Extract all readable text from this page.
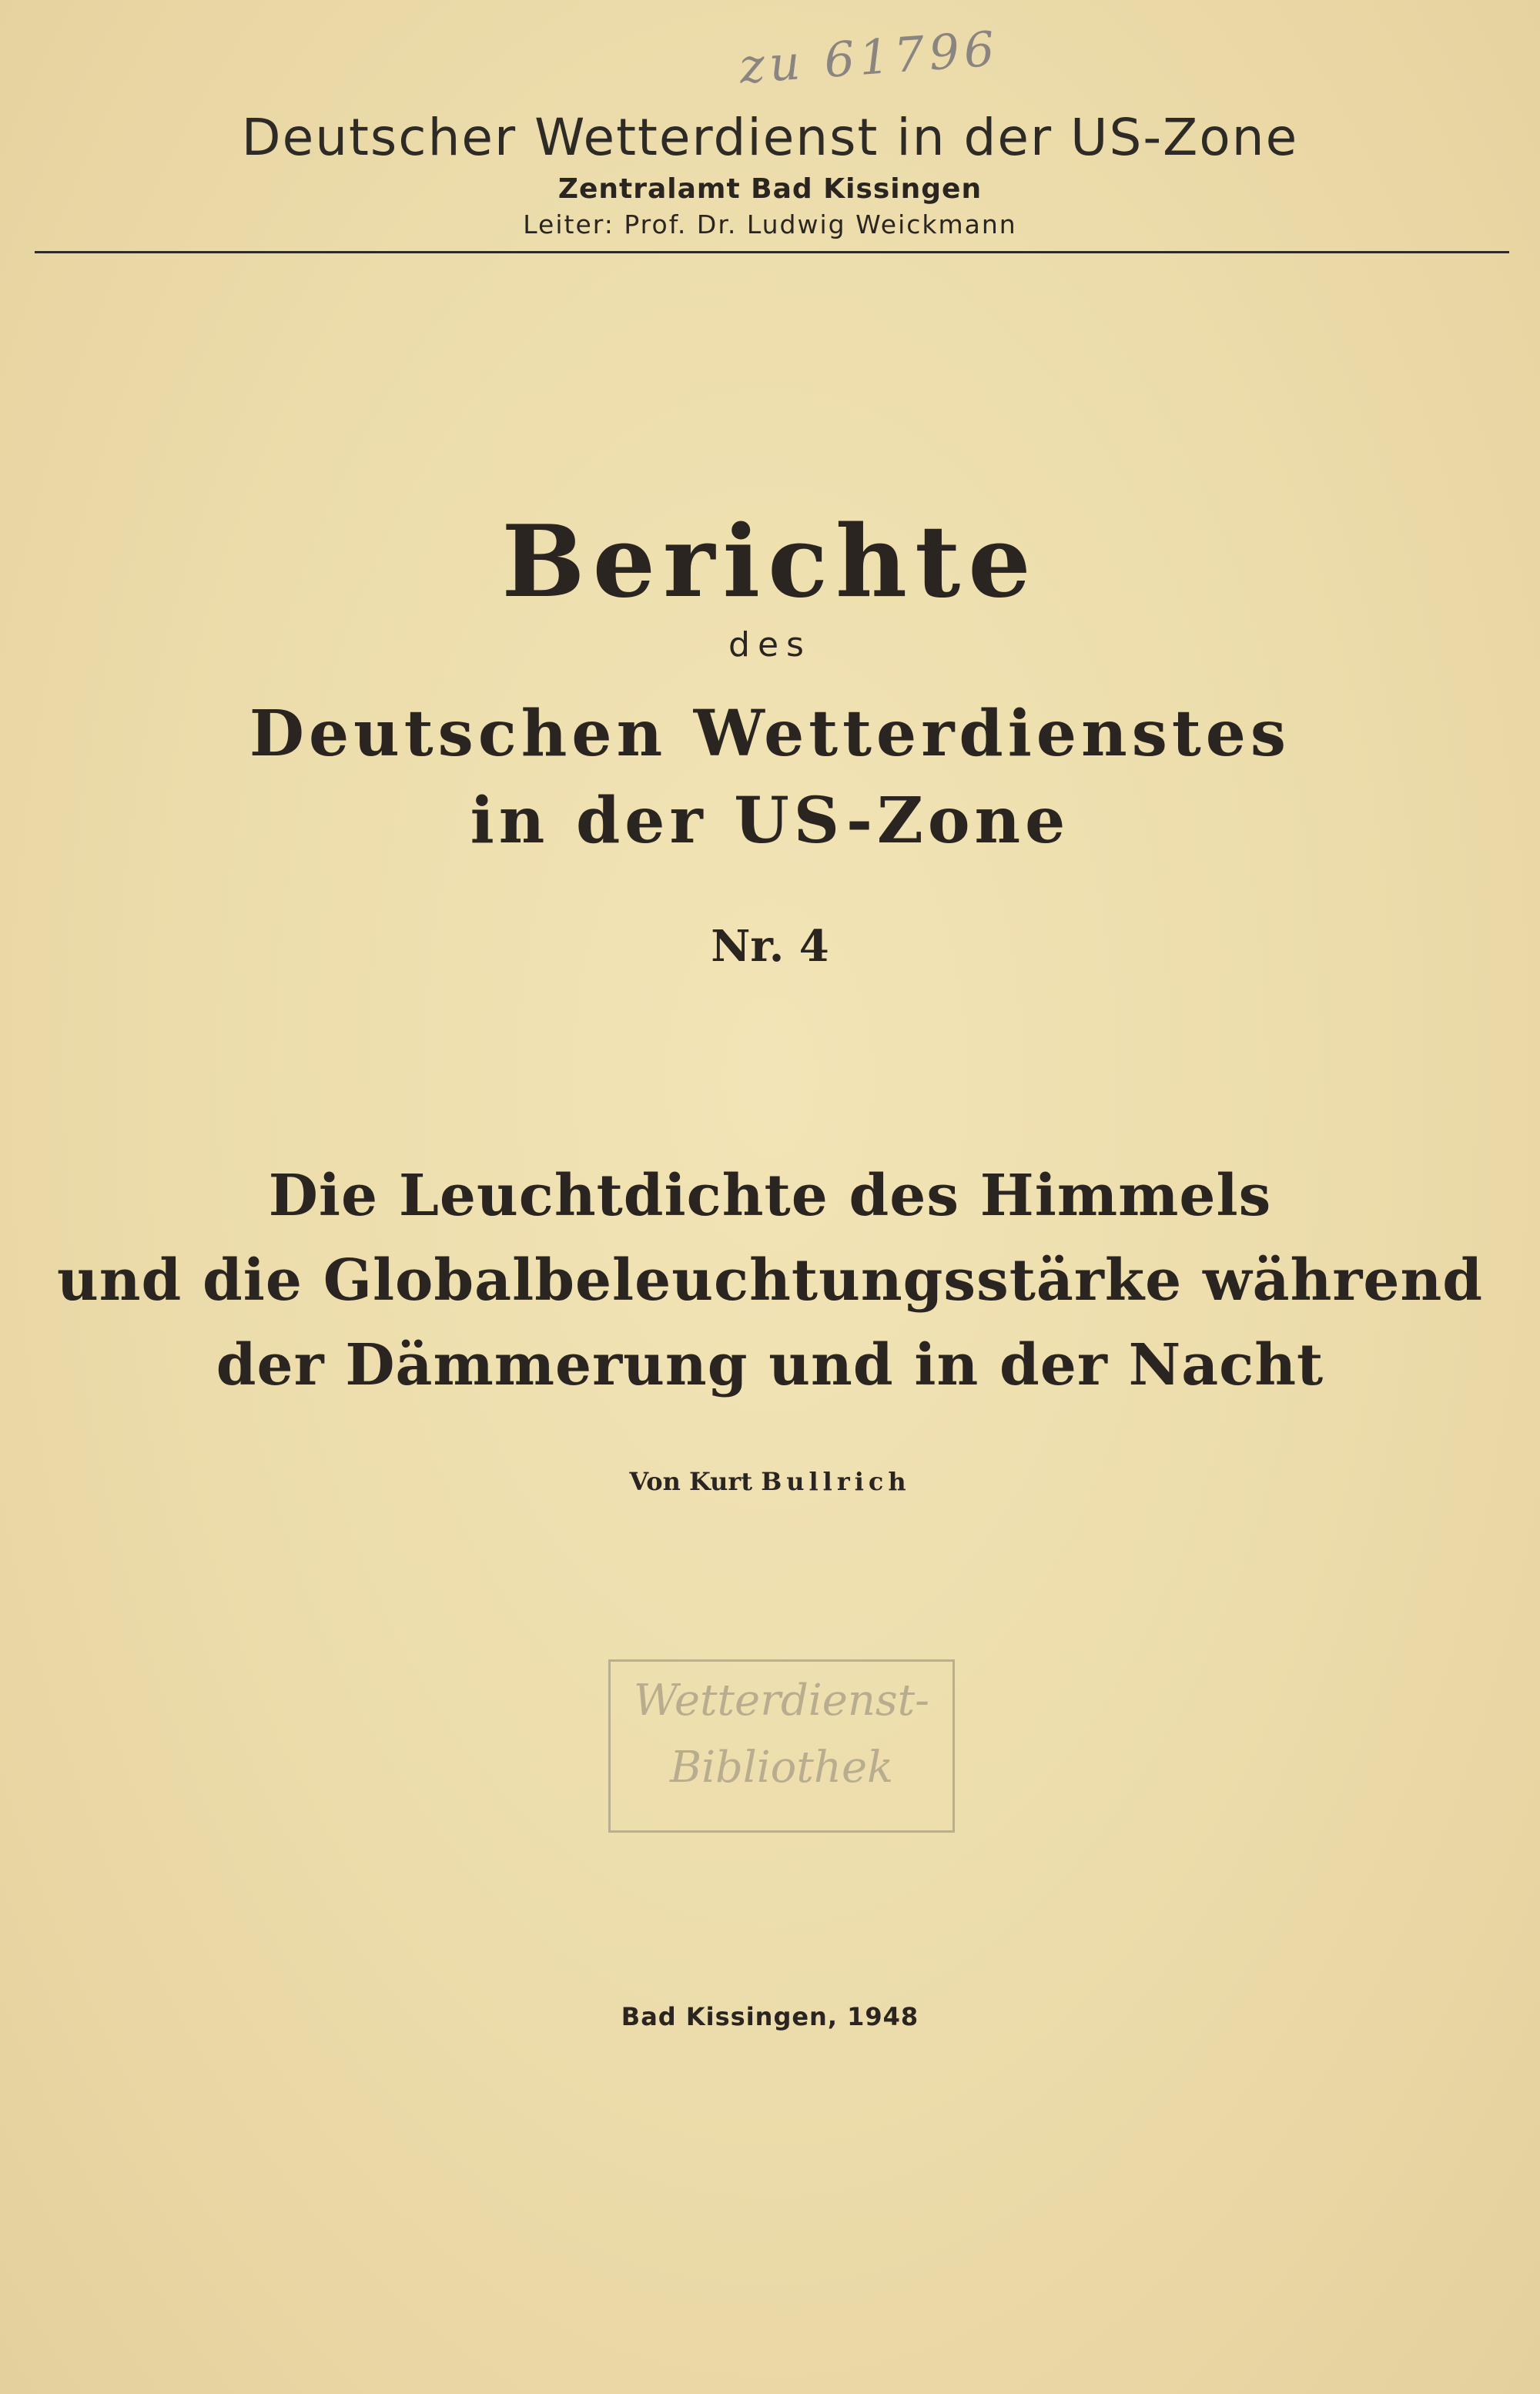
zu 61796
Deutscher Wetterdienst in der US-Zone
Zentralamt Bad Kissingen
Leiter: Prof. Dr. Ludwig Weickmann
Berichte
des
Deutschen Wetterdienstes
in der US-Zone
Nr. 4
Die Leuchtdichte des Himmels
und die Globalbeleuchtungsstärke während
der Dämmerung und in der Nacht
Von Kurt Bullrich
Wetterdienst-
Bibliothek
Bad Kissingen, 1948
